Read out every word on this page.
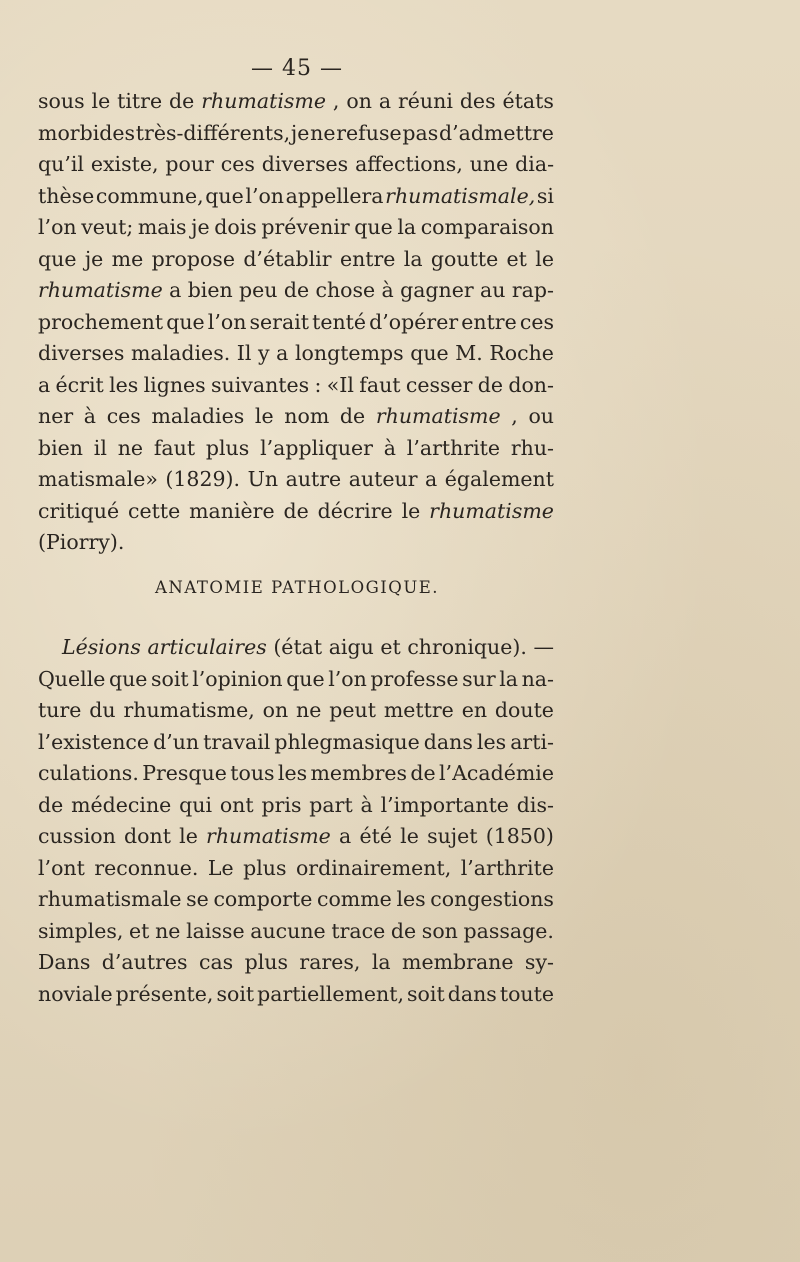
— 45 —
sous le titre de rhumatisme , on a réuni des états
morbides très-différents, je ne refuse pas d’admettre
qu’il existe, pour ces diverses affections, une dia-
thèse commune, que l’on appellera rhumatismale, si
l’on veut; mais je dois prévenir que la comparaison
que je me propose d’établir entre la goutte et le
rhumatisme a bien peu de chose à gagner au rap-
prochement que l’on serait tenté d’opérer entre ces
diverses maladies. Il y a longtemps que M. Roche
a écrit les lignes suivantes : «Il faut cesser de don-
ner à ces maladies le nom de rhumatisme , ou
bien il ne faut plus l’appliquer à l’arthrite rhu-
matismale» (1829). Un autre auteur a également
critiqué cette manière de décrire le rhumatisme
(Piorry).
ANATOMIE PATHOLOGIQUE.
Lésions articulaires (état aigu et chronique). —
Quelle que soit l’opinion que l’on professe sur la na-
ture du rhumatisme, on ne peut mettre en doute
l’existence d’un travail phlegmasique dans les arti-
culations. Presque tous les membres de l’Académie
de médecine qui ont pris part à l’importante dis-
cussion dont le rhumatisme a été le sujet (1850)
l’ont reconnue. Le plus ordinairement, l’arthrite
rhumatismale se comporte comme les congestions
simples, et ne laisse aucune trace de son passage.
Dans d’autres cas plus rares, la membrane sy-
noviale présente, soit partiellement, soit dans toute
